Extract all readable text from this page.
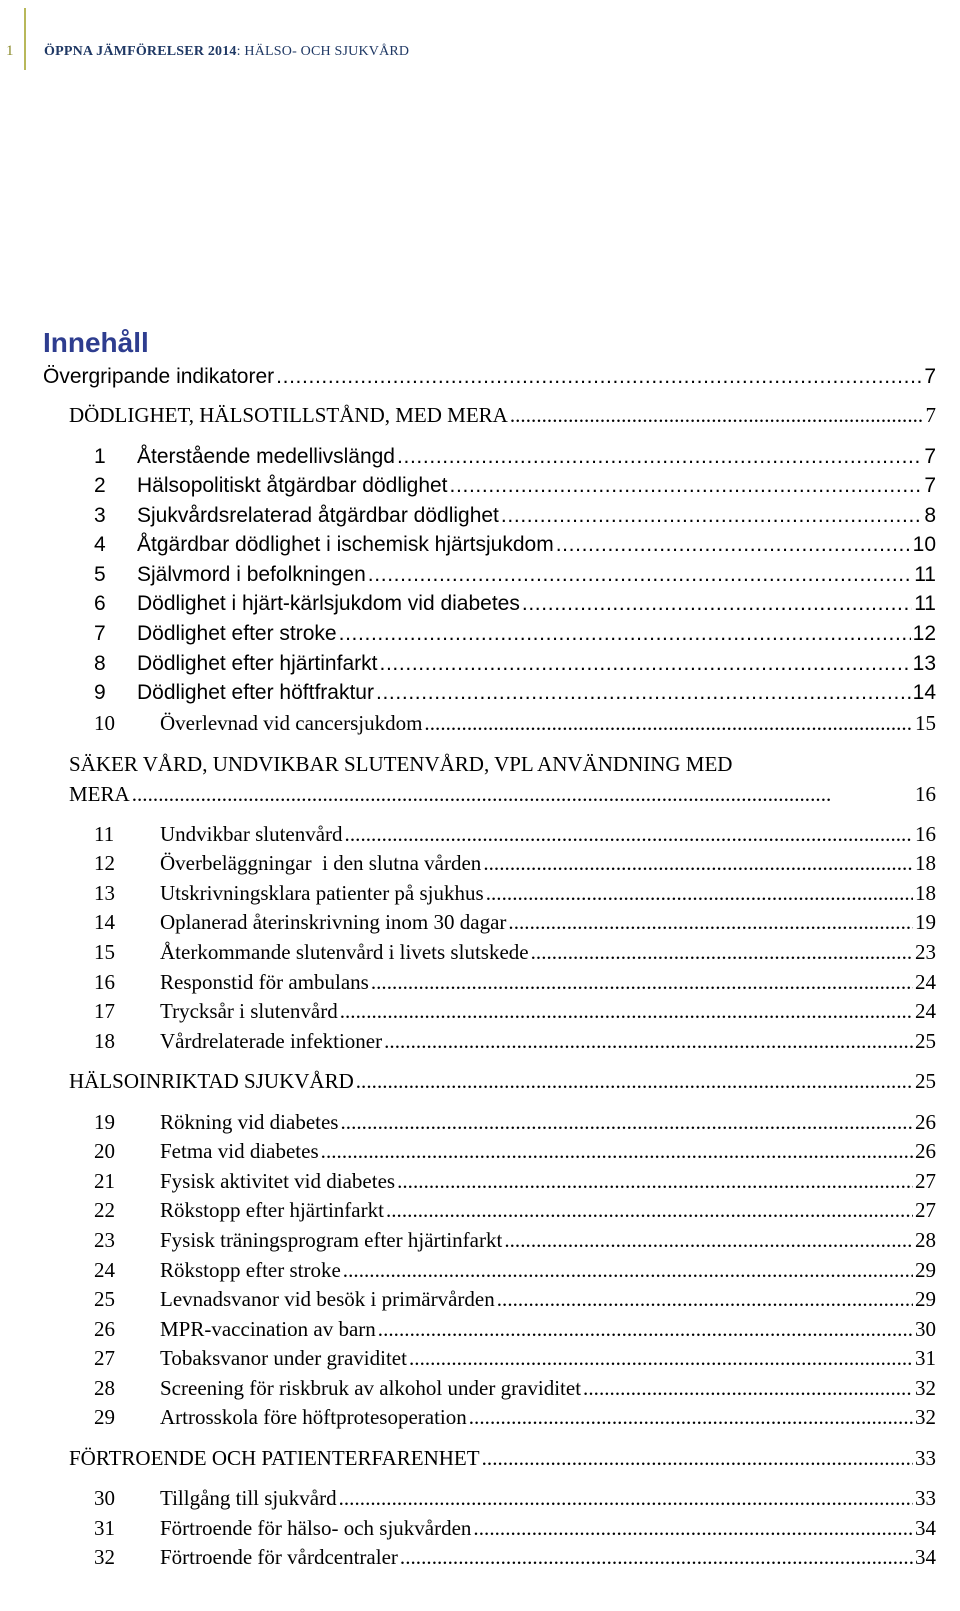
1 ÖPPNA JÄMFÖRELSER 2014: HÄLSO- OCH SJUKVÅRD
Innehåll
Övergripande indikatorer . . .	7
DÖDLIGHET, HÄLSOTILLSTÅND, MED MERA . . .	7
1	Återstående medellivslängd . . .	7
2	Hälsopolitiskt åtgärdbar dödlighet . . .	7
3	Sjukvårdsrelaterad åtgärdbar dödlighet . . .	8
4	Åtgärdbar dödlighet i ischemisk hjärtsjukdom . . .	10
5	Självmord i befolkningen . . .	11
6	Dödlighet i hjärt-kärlsjukdom vid diabetes . . .	11
7	Dödlighet efter stroke . . .	12
8	Dödlighet efter hjärtinfarkt . . .	13
9	Dödlighet efter höftfraktur . . .	14
10	Överlevnad vid cancersjukdom . . .	15
SÄKER VÅRD, UNDVIKBAR SLUTENVÅRD, VPL ANVÄNDNING MED
MERA . . .	16
11	Undvikbar slutenvård . . .	16
12	Överbeläggningar  i den slutna vården . . .	18
13	Utskrivningsklara patienter på sjukhus . . .	18
14	Oplanerad återinskrivning inom 30 dagar . . .	19
15	Återkommande slutenvård i livets slutskede . . .	23
16	Responstid för ambulans . . .	24
17	Trycksår i slutenvård . . .	24
18	Vårdrelaterade infektioner . . .	25
HÄLSOINRIKTAD SJUKVÅRD . . .	25
19	Rökning vid diabetes . . .	26
20	Fetma vid diabetes . . .	26
21	Fysisk aktivitet vid diabetes . . .	27
22	Rökstopp efter hjärtinfarkt . . .	27
23	Fysisk träningsprogram efter hjärtinfarkt . . .	28
24	Rökstopp efter stroke . . .	29
25	Levnadsvanor vid besök i primärvården . . .	29
26	MPR-vaccination av barn . . .	30
27	Tobaksvanor under graviditet . . .	31
28	Screening för riskbruk av alkohol under graviditet . . .	32
29	Artrosskola före höftprotesoperation . . .	32
FÖRTROENDE OCH PATIENTERFARENHET . . .	33
30	Tillgång till sjukvård . . .	33
31	Förtroende för hälso- och sjukvården . . .	34
32	Förtroende för vårdcentraler . . .	34
